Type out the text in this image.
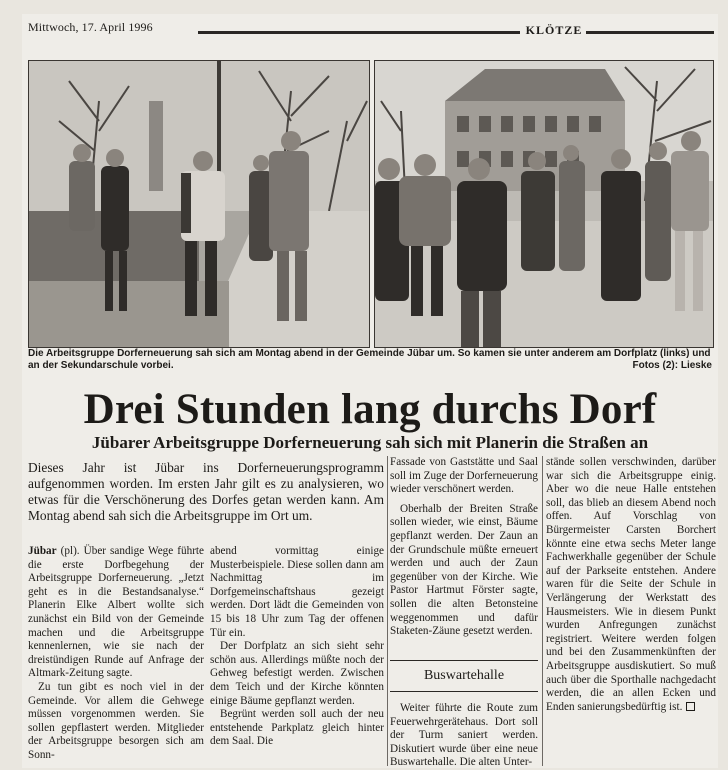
Mittwoch, 17. April 1996	KLÖTZE
Die Arbeitsgruppe Dorferneuerung sah sich am Montag abend in der Gemeinde Jübar um. So kamen sie unter anderem am Dorfplatz (links) und an der Sekundarschule vorbei.	Fotos (2): Lieske
Drei Stunden lang durchs Dorf
Jübarer Arbeitsgruppe Dorferneuerung sah sich mit Planerin die Straßen an
Dieses Jahr ist Jübar ins Dorferneuerungsprogramm aufgenommen worden. Im ersten Jahr gilt es zu analysieren, wo etwas für die Verschönerung des Dorfes getan werden kann. Am Montag abend sah sich die Arbeitsgruppe im Ort um.

Jübar (pl). Über sandige Wege führte die erste Dorfbegehung der Arbeitsgruppe Dorferneuerung. „Jetzt geht es in die Bestandsanalyse.“ Planerin Elke Albert wollte sich zunächst ein Bild von der Gemeinde machen und die Arbeitsgruppe kennenlernen, wie sie nach der dreistündigen Runde auf Anfrage der Altmark-Zeitung sagte.

Zu tun gibt es noch viel in der Gemeinde. Vor allem die Gehwege müssen vorgenommen werden. Sie sollen gepflastert werden. Mitglieder der Arbeitsgruppe besorgen sich am Sonn-

abend vormittag einige Musterbeispiele. Diese sollen dann am Nachmittag im Dorfgemeinschaftshaus gezeigt werden. Dort lädt die Gemeinden von 15 bis 18 Uhr zum Tag der offenen Tür ein.

Der Dorfplatz an sich sieht sehr schön aus. Allerdings müßte noch der Gehweg befestigt werden. Zwischen dem Teich und der Kirche könnten einige Bäume gepflanzt werden.

Begrünt werden soll auch der neu entstehende Parkplatz gleich hinter dem Saal. Die

Fassade von Gaststätte und Saal soll im Zuge der Dorferneuerung wieder verschönert werden.

Oberhalb der Breiten Straße sollen wieder, wie einst, Bäume gepflanzt werden. Der Zaun an der Grundschule müßte erneuert werden und auch der Zaun gegenüber von der Kirche. Wie Pastor Hartmut Förster sagte, sollen die alten Betonsteine weggenommen und dafür Staketen-Zäune gesetzt werden.

Buswartehalle

Weiter führte die Route zum Feuerwehrgerätehaus. Dort soll der Turm saniert werden. Diskutiert wurde über eine neue Buswartehalle. Die alten Unter-

stände sollen verschwinden, darüber war sich die Arbeitsgruppe einig. Aber wo die neue Halle entstehen soll, das blieb an diesem Abend noch offen. Auf Vorschlag von Bürgermeister Carsten Borchert könnte eine etwa sechs Meter lange Fachwerkhalle gegenüber der Schule auf der Parkseite entstehen. Andere waren für die Seite der Schule in Verlängerung der Werkstatt des Hausmeisters. Wie in diesem Punkt wurden Anfregungen zunächst registriert. Weitere werden folgen und bei den Zusammenkünften der Arbeitsgruppe ausdiskutiert. So muß auch über die Sporthalle nachgedacht werden, die an allen Ecken und Enden sanierungsbedürftig ist.
